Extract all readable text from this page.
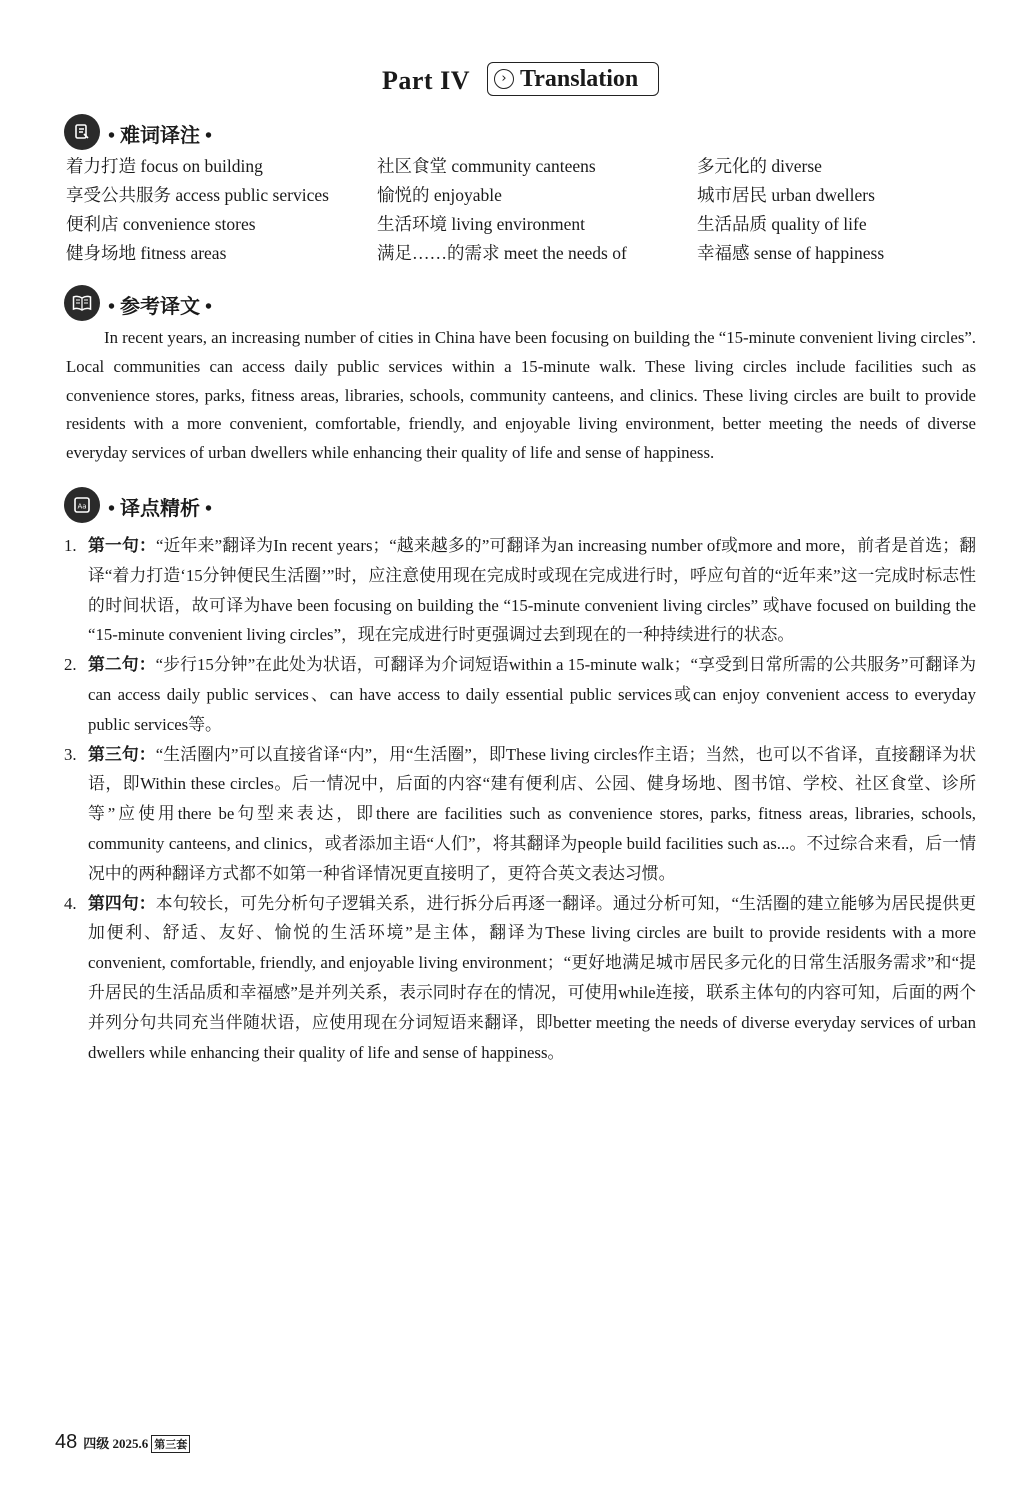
Part IV	› Translation
• 难词译注 •
着力打造 focus on building
享受公共服务 access public services
便利店 convenience stores
健身场地 fitness areas
社区食堂 community canteens
愉悦的 enjoyable
生活环境 living environment
满足……的需求 meet the needs of
多元化的 diverse
城市居民 urban dwellers
生活品质 quality of life
幸福感 sense of happiness
• 参考译文 •
In recent years, an increasing number of cities in China have been focusing on building the “15-minute convenient living circles”. Local communities can access daily public services within a 15-minute walk. These living circles include facilities such as convenience stores, parks, fitness areas, libraries, schools, community canteens, and clinics. These living circles are built to provide residents with a more convenient, comfortable, friendly, and enjoyable living environment, better meeting the needs of diverse everyday services of urban dwellers while enhancing their quality of life and sense of happiness.
Aa • 译点精析 •
1. 第一句：“近年来”翻译为In recent years；“越来越多的”可翻译为an increasing number of或more and more，前者是首选；翻译“着力打造‘15分钟便民生活圈’”时，应注意使用现在完成时或现在完成进行时，呼应句首的“近年来”这一完成时标志性的时间状语，故可译为have been focusing on building the “15-minute convenient living circles” 或have focused on building the “15-minute convenient living circles”，现在完成进行时更强调过去到现在的一种持续进行的状态。
2. 第二句：“步行15分钟”在此处为状语，可翻译为介词短语within a 15-minute walk；“享受到日常所需的公共服务”可翻译为can access daily public services、can have access to daily essential public services或can enjoy convenient access to everyday public services等。
3. 第三句：“生活圈内”可以直接省译“内”，用“生活圈”，即These living circles作主语；当然，也可以不省译，直接翻译为状语，即Within these circles。后一情况中，后面的内容“建有便利店、公园、健身场地、图书馆、学校、社区食堂、诊所等”应使用there be句型来表达，即there are facilities such as convenience stores, parks, fitness areas, libraries, schools, community canteens, and clinics，或者添加主语“人们”，将其翻译为people build facilities such as...。不过综合来看，后一情况中的两种翻译方式都不如第一种省译情况更直接明了，更符合英文表达习惯。
4. 第四句：本句较长，可先分析句子逻辑关系，进行拆分后再逐一翻译。通过分析可知，“生活圈的建立能够为居民提供更加便利、舒适、友好、愉悦的生活环境”是主体，翻译为These living circles are built to provide residents with a more convenient, comfortable, friendly, and enjoyable living environment；“更好地满足城市居民多元化的日常生活服务需求”和“提升居民的生活品质和幸福感”是并列关系，表示同时存在的情况，可使用while连接，联系主体句的内容可知，后面的两个并列分句共同充当伴随状语，应使用现在分词短语来翻译，即better meeting the needs of diverse everyday services of urban dwellers while enhancing their quality of life and sense of happiness。
48 四级 2025.6 第三套
